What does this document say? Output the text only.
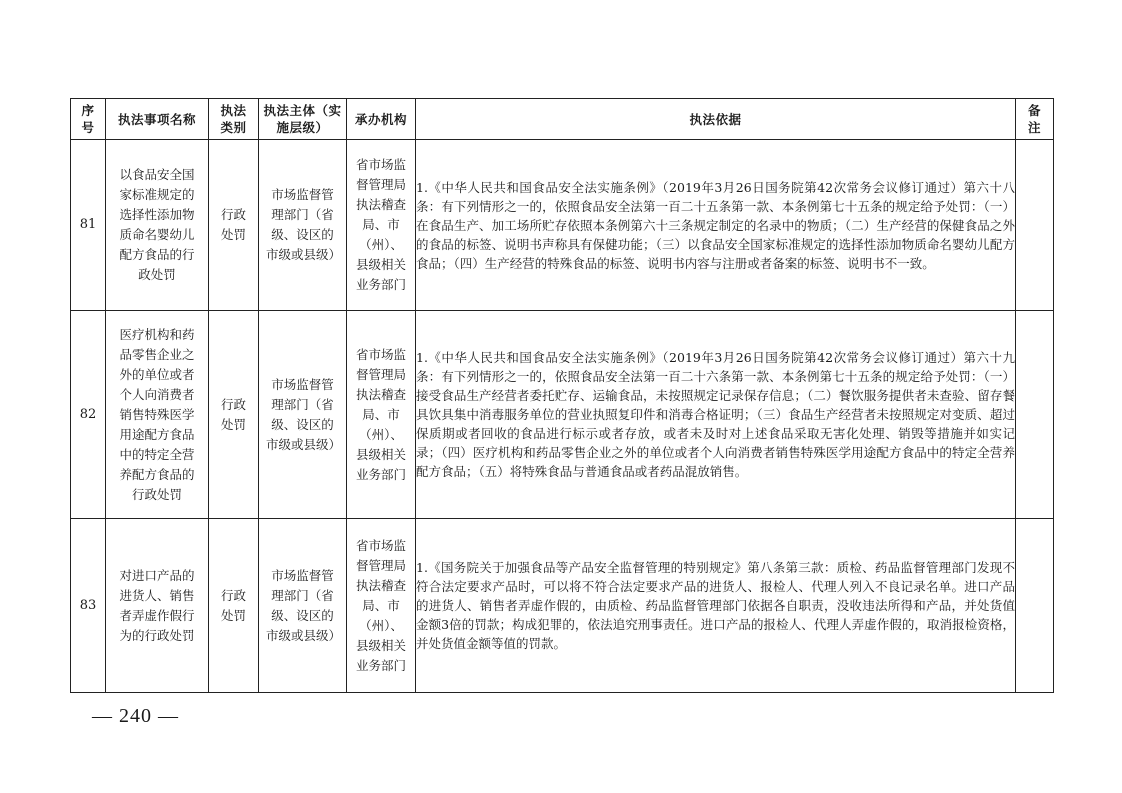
序号	执法事项名称	执法类别	执法主体（实施层级）	承办机构	执法依据	备注
81	以食品安全国家标准规定的选择性添加物质命名婴幼儿配方食品的行政处罚	行政处罚	市场监督管理部门（省级、设区的市级或县级）	省市场监督管理局执法稽查局、市（州）、县级相关业务部门	1.《中华人民共和国食品安全法实施条例》（2019年3月26日国务院第42次常务会议修订通过）第六十八条：有下列情形之一的，依照食品安全法第一百二十五条第一款、本条例第七十五条的规定给予处罚：（一）在食品生产、加工场所贮存依照本条例第六十三条规定制定的名录中的物质；（二）生产经营的保健食品之外的食品的标签、说明书声称具有保健功能；（三）以食品安全国家标准规定的选择性添加物质命名婴幼儿配方食品；（四）生产经营的特殊食品的标签、说明书内容与注册或者备案的标签、说明书不一致。	
82	医疗机构和药品零售企业之外的单位或者个人向消费者销售特殊医学用途配方食品中的特定全营养配方食品的行政处罚	行政处罚	市场监督管理部门（省级、设区的市级或县级）	省市场监督管理局执法稽查局、市（州）、县级相关业务部门	1.《中华人民共和国食品安全法实施条例》（2019年3月26日国务院第42次常务会议修订通过）第六十九条：有下列情形之一的，依照食品安全法第一百二十六条第一款、本条例第七十五条的规定给予处罚：（一）接受食品生产经营者委托贮存、运输食品，未按照规定记录保存信息；（二）餐饮服务提供者未查验、留存餐具饮具集中消毒服务单位的营业执照复印件和消毒合格证明；（三）食品生产经营者未按照规定对变质、超过保质期或者回收的食品进行标示或者存放，或者未及时对上述食品采取无害化处理、销毁等措施并如实记录；（四）医疗机构和药品零售企业之外的单位或者个人向消费者销售特殊医学用途配方食品中的特定全营养配方食品；（五）将特殊食品与普通食品或者药品混放销售。	
83	对进口产品的进货人、销售者弄虚作假行为的行政处罚	行政处罚	市场监督管理部门（省级、设区的市级或县级）	省市场监督管理局执法稽查局、市（州）、县级相关业务部门	1.《国务院关于加强食品等产品安全监督管理的特别规定》第八条第三款：质检、药品监督管理部门发现不符合法定要求产品时，可以将不符合法定要求产品的进货人、报检人、代理人列入不良记录名单。进口产品的进货人、销售者弄虚作假的，由质检、药品监督管理部门依据各自职责，没收违法所得和产品，并处货值金额3倍的罚款；构成犯罪的，依法追究刑事责任。进口产品的报检人、代理人弄虚作假的，取消报检资格，并处货值金额等值的罚款。	
— 240 —
